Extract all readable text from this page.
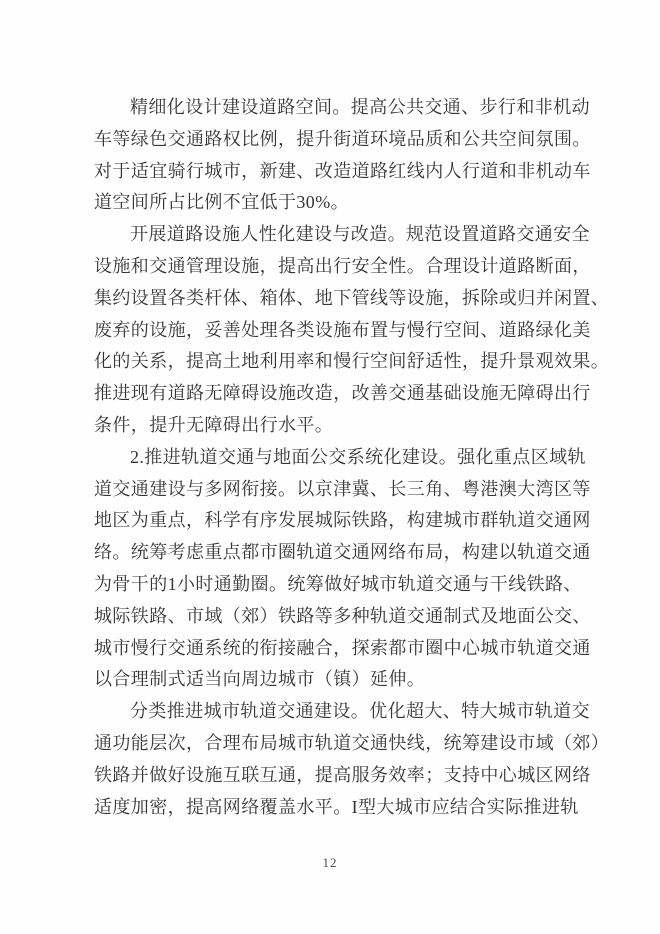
精细化设计建设道路空间。提高公共交通、步行和非机动
车等绿色交通路权比例，提升街道环境品质和公共空间氛围。
对于适宜骑行城市，新建、改造道路红线内人行道和非机动车
道空间所占比例不宜低于30%。
开展道路设施人性化建设与改造。规范设置道路交通安全
设施和交通管理设施，提高出行安全性。合理设计道路断面，
集约设置各类杆体、箱体、地下管线等设施，拆除或归并闲置、
废弃的设施，妥善处理各类设施布置与慢行空间、道路绿化美
化的关系，提高土地利用率和慢行空间舒适性，提升景观效果。
推进现有道路无障碍设施改造，改善交通基础设施无障碍出行
条件，提升无障碍出行水平。
2.推进轨道交通与地面公交系统化建设。强化重点区域轨
道交通建设与多网衔接。以京津冀、长三角、粤港澳大湾区等
地区为重点，科学有序发展城际铁路，构建城市群轨道交通网
络。统筹考虑重点都市圈轨道交通网络布局，构建以轨道交通
为骨干的1小时通勤圈。统筹做好城市轨道交通与干线铁路、
城际铁路、市域（郊）铁路等多种轨道交通制式及地面公交、
城市慢行交通系统的衔接融合，探索都市圈中心城市轨道交通
以合理制式适当向周边城市（镇）延伸。
分类推进城市轨道交通建设。优化超大、特大城市轨道交
通功能层次，合理布局城市轨道交通快线，统筹建设市域（郊）
铁路并做好设施互联互通，提高服务效率；支持中心城区网络
适度加密，提高网络覆盖水平。I型大城市应结合实际推进轨
12
